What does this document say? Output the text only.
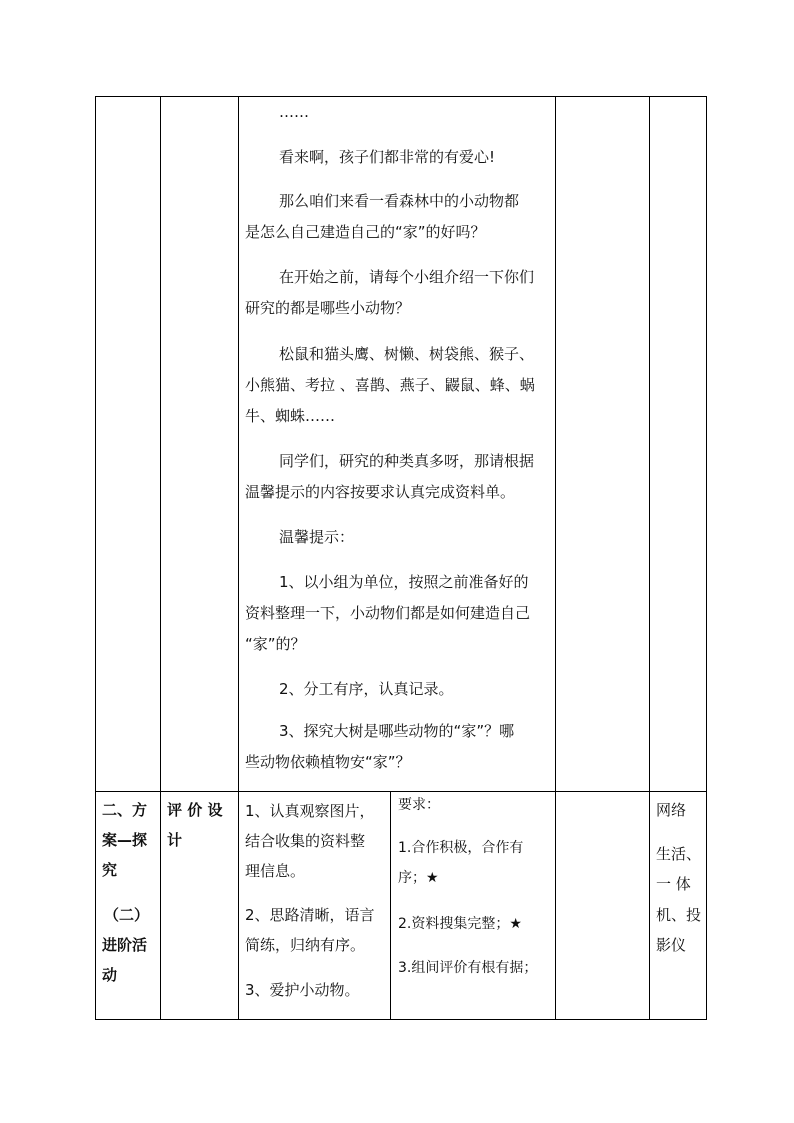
……
看来啊，孩子们都非常的有爱心!
那么咱们来看一看森林中的小动物都
是怎么自己建造自己的“家”的好吗？
在开始之前，请每个小组介绍一下你们
研究的都是哪些小动物？
松鼠和猫头鹰、树懒、树袋熊、猴子、
小熊猫、考拉 、喜鹊、燕子、鼹鼠、蜂、蜗
牛、蜘蛛……
同学们，研究的种类真多呀，那请根据
温馨提示的内容按要求认真完成资料单。
温馨提示：
1、以小组为单位，按照之前准备好的
资料整理一下，小动物们都是如何建造自己
“家”的？
2、分工有序，认真记录。
3、探究大树是哪些动物的“家”？哪
些动物依赖植物安“家”？
二、方
案—探
究
（二）
进阶活
动
评 价 设
计
1、认真观察图片，
结合收集的资料整
理信息。
2、思路清晰，语言
简练，归纳有序。
3、爱护小动物。
要求：
1.合作积极，合作有
序；★
2.资料搜集完整；★
3.组间评价有根有据；
网络
生活、
一 体
机、投
影仪
